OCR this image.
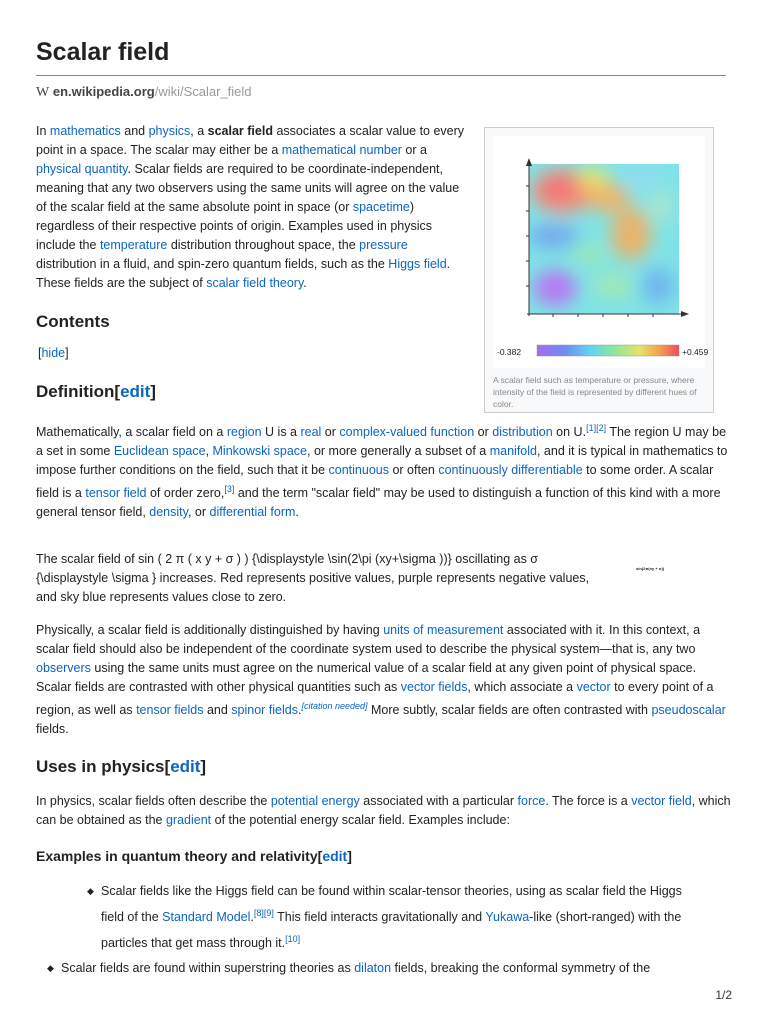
Scalar field
W en.wikipedia.org/wiki/Scalar_field

In mathematics and physics, a scalar field associates a scalar value to every point in a space. The scalar may either be a mathematical number or a physical quantity. Scalar fields are required to be coordinate-independent, meaning that any two observers using the same units will agree on the value of the scalar field at the same absolute point in space (or spacetime) regardless of their respective points of origin. Examples used in physics include the temperature distribution throughout space, the pressure distribution in a fluid, and spin-zero quantum fields, such as the Higgs field. These fields are the subject of scalar field theory.

-0.382	+0.459
A scalar field such as temperature or pressure, where intensity of the field is represented by different hues of color.
Contents

[hide]

Definition[edit]

Mathematically, a scalar field on a region U is a real or complex-valued function or distribution on U.[1][2] The region U may be a set in some Euclidean space, Minkowski space, or more generally a subset of a manifold, and it is typical in mathematics to impose further conditions on the field, such that it be continuous or often continuously differentiable to some order. A scalar field is a tensor field of order zero,[3] and the term "scalar field" may be used to distinguish a function of this kind with a more general tensor field, density, or differential form.

The scalar field of sin ( 2 π ( x y + σ ) ) {\displaystyle \sin(2\pi (xy+\sigma ))} oscillating as σ {\displaystyle \sigma } increases. Red represents positive values, purple represents negative values, and sky blue represents values close to zero.

sin(2π(xy + σ))

Physically, a scalar field is additionally distinguished by having units of measurement associated with it. In this context, a scalar field should also be independent of the coordinate system used to describe the physical system—that is, any two observers using the same units must agree on the numerical value of a scalar field at any given point of physical space. Scalar fields are contrasted with other physical quantities such as vector fields, which associate a vector to every point of a region, as well as tensor fields and spinor fields.[citation needed] More subtly, scalar fields are often contrasted with pseudoscalar fields.

Uses in physics[edit]

In physics, scalar fields often describe the potential energy associated with a particular force. The force is a vector field, which can be obtained as the gradient of the potential energy scalar field. Examples include:

Examples in quantum theory and relativity[edit]
◆ Scalar fields like the Higgs field can be found within scalar-tensor theories, using as scalar field the Higgs field of the Standard Model.[8][9] This field interacts gravitationally and Yukawa-like (short-ranged) with the particles that get mass through it.[10]
◆ Scalar fields are found within superstring theories as dilaton fields, breaking the conformal symmetry of the
1/2
